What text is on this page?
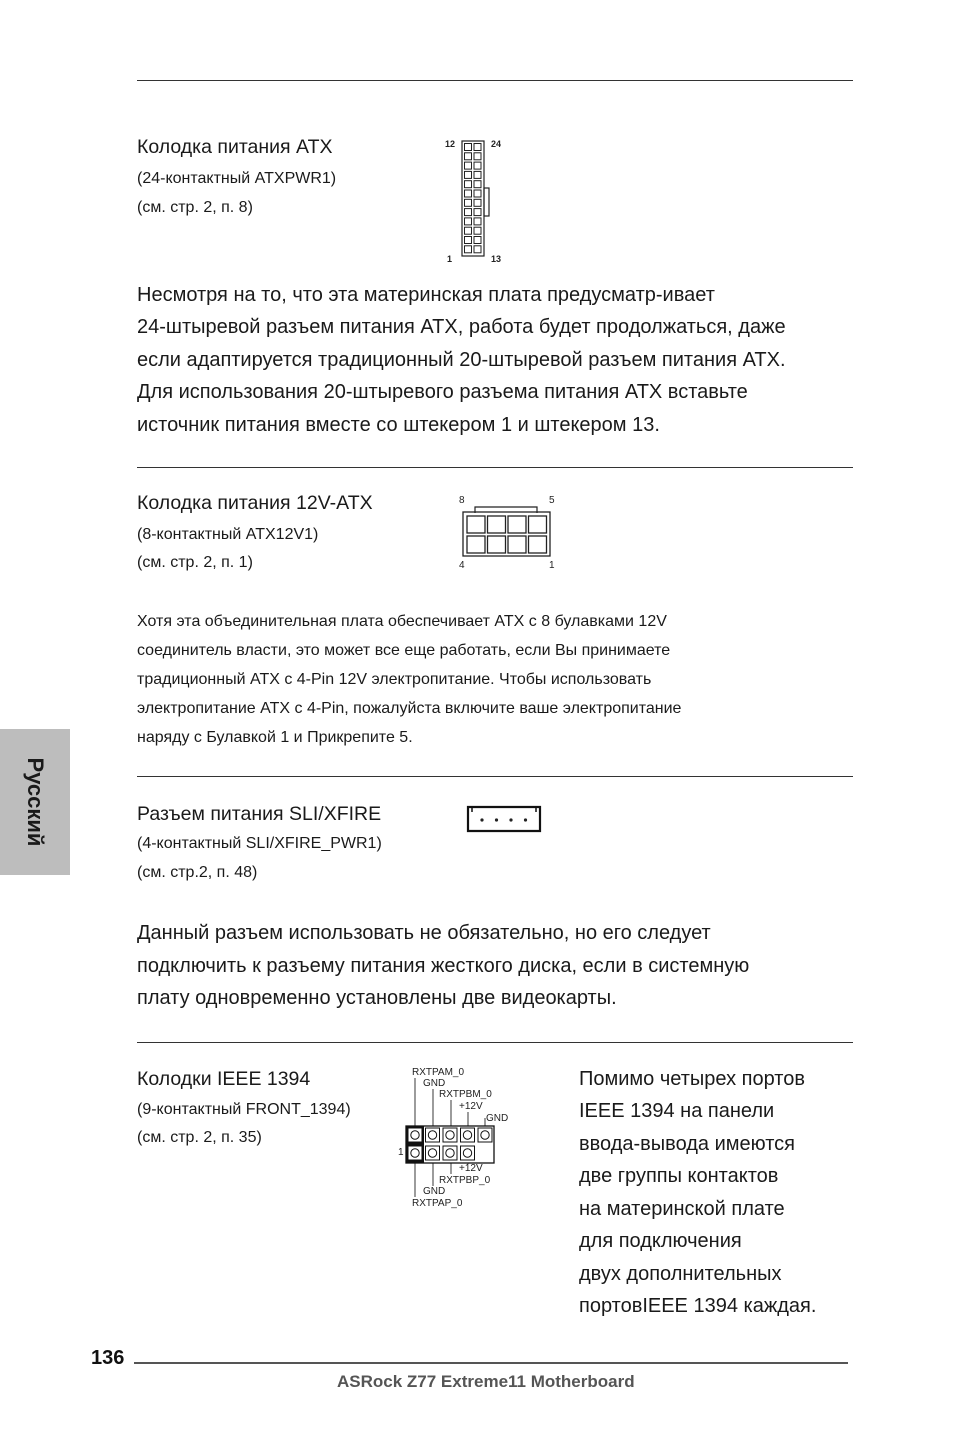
Русский
Колодка питания ATX
(24-контактный ATXPWR1)
(см. стр. 2, п. 8)
12	24
1	13
Несмотря на то, что эта материнская плата предусматр-ивает
24-штыревой разъем питания ATX, работа будет продолжаться, даже
если адаптируется традиционный 20-штыревой разъем питания ATX.
Для использования 20-штыревого разъема питания ATX вставьте
источник питания вместе со штекером 1 и штекером 13.
Колодка питания 12V-ATX
(8-контактный ATX12V1)
(см. стр. 2, п. 1)
8	5
4	1
Хотя эта объединительная плата обеспечивает ATX с 8 булавками 12V
соединитель власти, это может все еще работать, если Вы принимаете
традиционный ATX с 4-Pin 12V электропитание. Чтобы использовать
электропитание ATX с 4-Pin, пожалуйста включите ваше электропитание
наряду с Булавкой 1 и Прикрепите 5.
Разъем питания SLI/XFIRE
(4-контактный SLI/XFIRE_PWR1)
(см. стр.2, п. 48)
Данный разъем использовать не обязательно, но его следует
подключить к разъему питания жесткого диска, если в системную
плату одновременно установлены две видеокарты.
Колодки IEEE 1394
(9-контактный FRONT_1394)
(см. стр. 2, п. 35)
RXTPAM_0
GND
RXTPBM_0
+12V
GND
1
+12V
RXTPBP_0
GND
RXTPAP_0
Помимо четырех портов
IEEE 1394 на панели
ввода-вывода имеются
две группы контактов
на материнской плате
для подключения
двух дополнительных
портовIEEE 1394 каждая.
136
ASRock Z77 Extreme11 Motherboard
